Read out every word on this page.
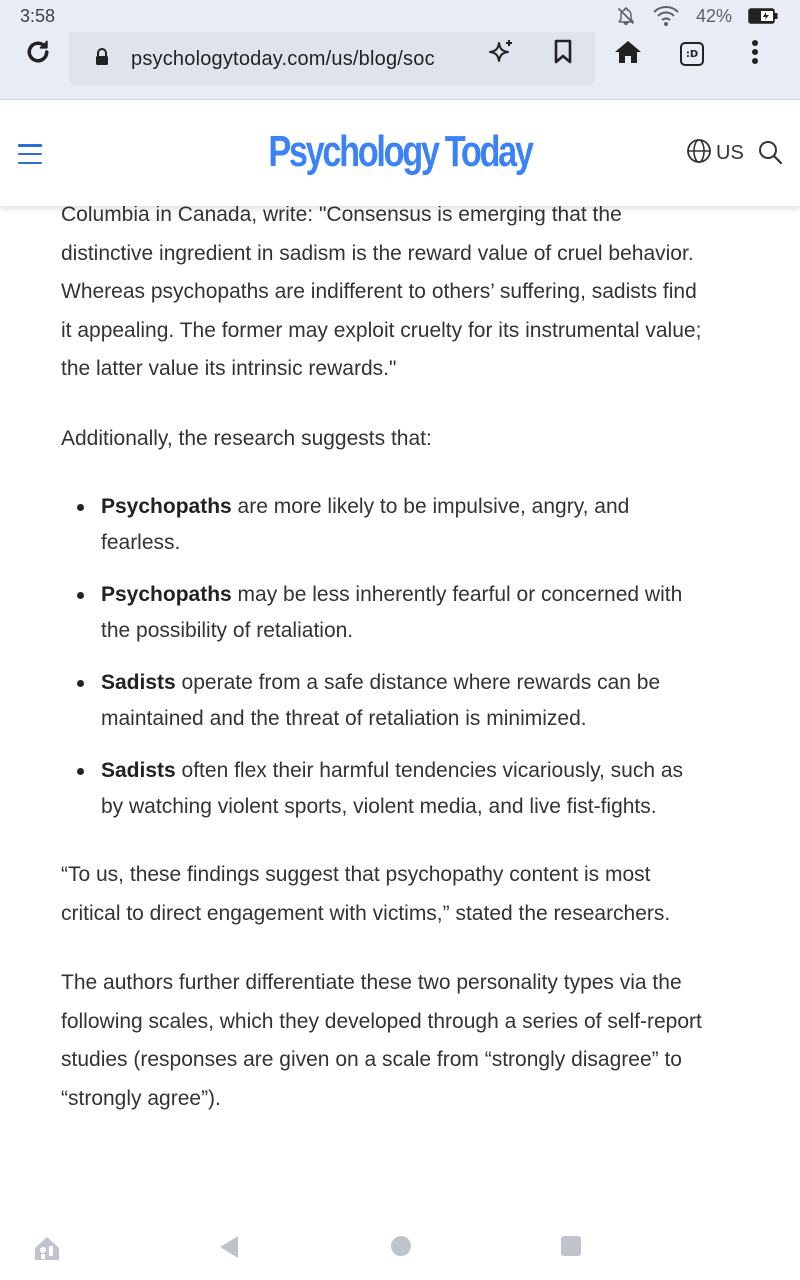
3:58	42%
psychologytoday.com/us/blog/soc	:D
Psychology Today	US

Columbia in Canada, write: "Consensus is emerging that the distinctive ingredient in sadism is the reward value of cruel behavior. Whereas psychopaths are indifferent to others’ suffering, sadists find it appealing. The former may exploit cruelty for its instrumental value; the latter value its intrinsic rewards."

Additionally, the research suggests that:

Psychopaths are more likely to be impulsive, angry, and fearless.
Psychopaths may be less inherently fearful or concerned with the possibility of retaliation.
Sadists operate from a safe distance where rewards can be maintained and the threat of retaliation is minimized.
Sadists often flex their harmful tendencies vicariously, such as by watching violent sports, violent media, and live fist-fights.

“To us, these findings suggest that psychopathy content is most critical to direct engagement with victims,” stated the researchers.

The authors further differentiate these two personality types via the following scales, which they developed through a series of self-report studies (responses are given on a scale from “strongly disagree” to “strongly agree”).
